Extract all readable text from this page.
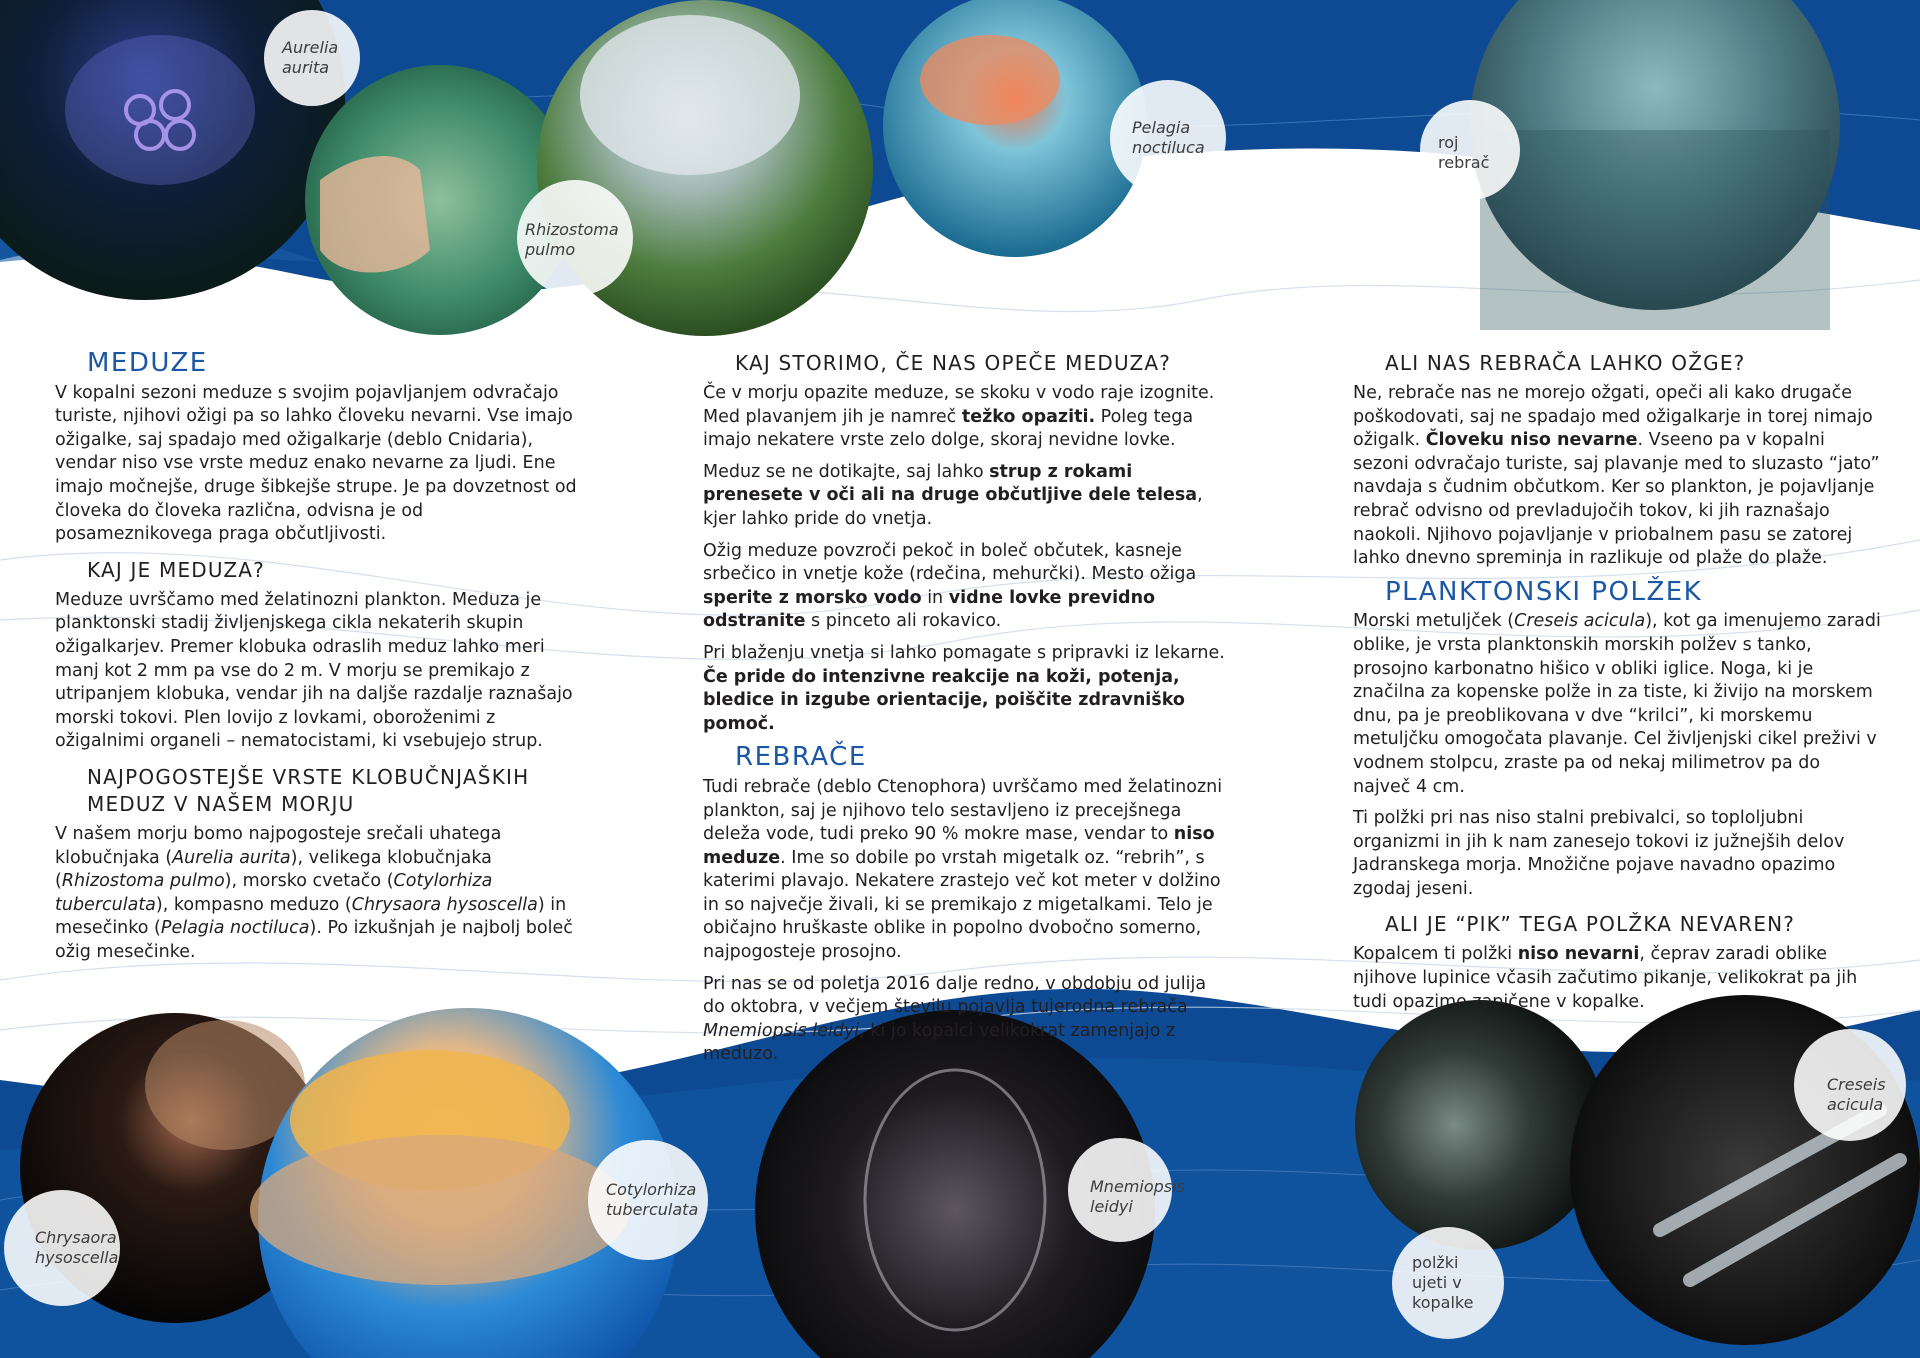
Aurelia
aurita
Rhizostoma
pulmo
Pelagia
noctiluca	roj
rebrač
Chrysaora
hysoscella
Cotylorhiza
tuberculata
Mnemiopsis
leidyi
Creseis
acicula
polžki
ujeti v
kopalke
MEDUZE

V kopalni sezoni meduze s svojim pojavljanjem odvračajo turiste, njihovi ožigi pa so lahko človeku nevarni. Vse imajo ožigalke, saj spadajo med ožigalkarje (deblo Cnidaria), vendar niso vse vrste meduz enako nevarne za ljudi. Ene imajo močnejše, druge šibkejše strupe. Je pa dovzetnost od človeka do človeka različna, odvisna je od posameznikovega praga občutljivosti.

KAJ JE MEDUZA?

Meduze uvrščamo med želatinozni plankton. Meduza je planktonski stadij življenjskega cikla nekaterih skupin ožigalkarjev. Premer klobuka odraslih meduz lahko meri manj kot 2 mm pa vse do 2 m. V morju se premikajo z utripanjem klobuka, vendar jih na daljše razdalje raznašajo morski tokovi. Plen lovijo z lovkami, oboroženimi z ožigalnimi organeli – nematocistami, ki vsebujejo strup.

NAJPOGOSTEJŠE VRSTE KLOBUČNJAŠKIH
MEDUZ V NAŠEM MORJU

V našem morju bomo najpogosteje srečali uhatega klobučnjaka (Aurelia aurita), velikega klobučnjaka (Rhizostoma pulmo), morsko cvetačo (Cotylorhiza tuberculata), kompasno meduzo (Chrysaora hysoscella) in mesečinko (Pelagia noctiluca). Po izkušnjah je najbolj boleč ožig mesečinke.

KAJ STORIMO, ČE NAS OPEČE MEDUZA?

Če v morju opazite meduze, se skoku v vodo raje izognite. Med plavanjem jih je namreč težko opaziti. Poleg tega imajo nekatere vrste zelo dolge, skoraj nevidne lovke.

Meduz se ne dotikajte, saj lahko strup z rokami prenesete v oči ali na druge občutljive dele telesa, kjer lahko pride do vnetja.

Ožig meduze povzroči pekoč in boleč občutek, kasneje srbečico in vnetje kože (rdečina, mehurčki). Mesto ožiga sperite z morsko vodo in vidne lovke previdno odstranite s pinceto ali rokavico.

Pri blaženju vnetja si lahko pomagate s pripravki iz lekarne. Če pride do intenzivne reakcije na koži, potenja, bledice in izgube orientacije, poiščite zdravniško pomoč.

REBRAČE

Tudi rebrače (deblo Ctenophora) uvrščamo med želatinozni plankton, saj je njihovo telo sestavljeno iz precejšnega deleža vode, tudi preko 90 % mokre mase, vendar to niso meduze. Ime so dobile po vrstah migetalk oz. “rebrih”, s katerimi plavajo. Nekatere zrastejo več kot meter v dolžino in so največje živali, ki se premikajo z migetalkami. Telo je običajno hruškaste oblike in popolno dvobočno somerno, najpogosteje prosojno.

Pri nas se od poletja 2016 dalje redno, v obdobju od julija do oktobra, v večjem številu pojavlja tujerodna rebrača Mnemiopsis leidyi, ki jo kopalci velikokrat zamenjajo z meduzo.

ALI NAS REBRAČA LAHKO OŽGE?

Ne, rebrače nas ne morejo ožgati, opeči ali kako drugače poškodovati, saj ne spadajo med ožigalkarje in torej nimajo ožigalk. Človeku niso nevarne. Vseeno pa v kopalni sezoni odvračajo turiste, saj plavanje med to sluzasto “jato” navdaja s čudnim občutkom. Ker so plankton, je pojavljanje rebrač odvisno od prevladujočih tokov, ki jih raznašajo naokoli. Njihovo pojavljanje v priobalnem pasu se zatorej lahko dnevno spreminja in razlikuje od plaže do plaže.

PLANKTONSKI POLŽEK

Morski metuljček (Creseis acicula), kot ga imenujemo zaradi oblike, je vrsta planktonskih morskih polžev s tanko, prosojno karbonatno hišico v obliki iglice. Noga, ki je značilna za kopenske polže in za tiste, ki živijo na morskem dnu, pa je preoblikovana v dve “krilci”, ki morskemu metuljčku omogočata plavanje. Cel življenjski cikel preživi v vodnem stolpcu, zraste pa od nekaj milimetrov pa do največ 4 cm.

Ti polžki pri nas niso stalni prebivalci, so toploljubni organizmi in jih k nam zanesejo tokovi iz južnejših delov Jadranskega morja. Množične pojave navadno opazimo zgodaj jeseni.

ALI JE “PIK” TEGA POLŽKA NEVAREN?

Kopalcem ti polžki niso nevarni, čeprav zaradi oblike njihove lupinice včasih začutimo pikanje, velikokrat pa jih tudi opazimo zapičene v kopalke.
